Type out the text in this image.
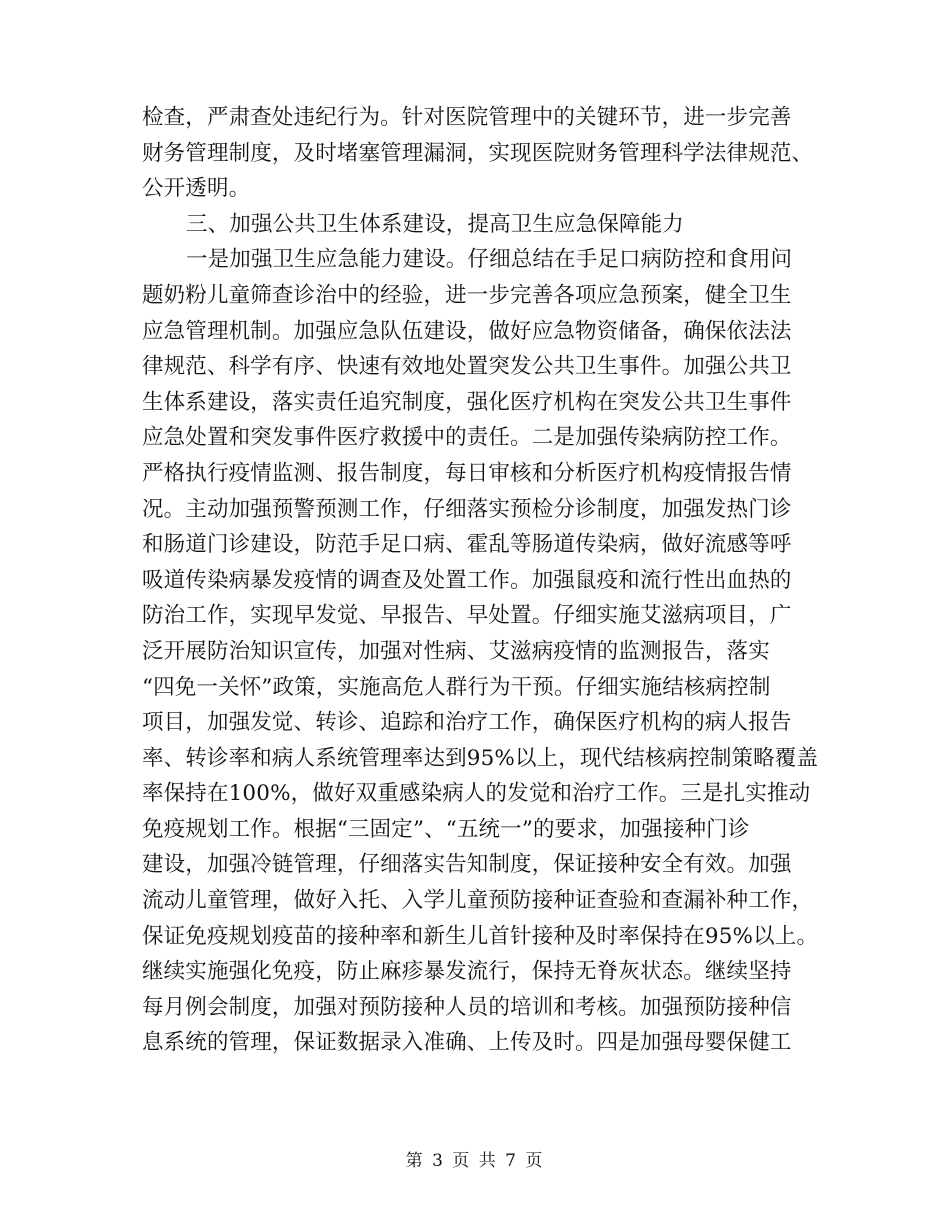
检查，严肃查处违纪行为。针对医院管理中的关键环节，进一步完善
财务管理制度，及时堵塞管理漏洞，实现医院财务管理科学法律规范、
公开透明。
三、加强公共卫生体系建设，提高卫生应急保障能力
一是加强卫生应急能力建设。仔细总结在手足口病防控和食用问
题奶粉儿童筛查诊治中的经验，进一步完善各项应急预案，健全卫生
应急管理机制。加强应急队伍建设，做好应急物资储备，确保依法法
律规范、科学有序、快速有效地处置突发公共卫生事件。加强公共卫
生体系建设，落实责任追究制度，强化医疗机构在突发公共卫生事件
应急处置和突发事件医疗救援中的责任。二是加强传染病防控工作。
严格执行疫情监测、报告制度，每日审核和分析医疗机构疫情报告情
况。主动加强预警预测工作，仔细落实预检分诊制度，加强发热门诊
和肠道门诊建设，防范手足口病、霍乱等肠道传染病，做好流感等呼
吸道传染病暴发疫情的调查及处置工作。加强鼠疫和流行性出血热的
防治工作，实现早发觉、早报告、早处置。仔细实施艾滋病项目，广
泛开展防治知识宣传，加强对性病、艾滋病疫情的监测报告，落实
“四免一关怀”政策，实施高危人群行为干预。仔细实施结核病控制
项目，加强发觉、转诊、追踪和治疗工作，确保医疗机构的病人报告
率、转诊率和病人系统管理率达到95%以上，现代结核病控制策略覆盖
率保持在100%，做好双重感染病人的发觉和治疗工作。三是扎实推动
免疫规划工作。根据“三固定”、“五统一”的要求，加强接种门诊
建设，加强冷链管理，仔细落实告知制度，保证接种安全有效。加强
流动儿童管理，做好入托、入学儿童预防接种证查验和查漏补种工作，
保证免疫规划疫苗的接种率和新生儿首针接种及时率保持在95%以上。
继续实施强化免疫，防止麻疹暴发流行，保持无脊灰状态。继续坚持
每月例会制度，加强对预防接种人员的培训和考核。加强预防接种信
息系统的管理，保证数据录入准确、上传及时。四是加强母婴保健工
第 3 页 共 7 页
